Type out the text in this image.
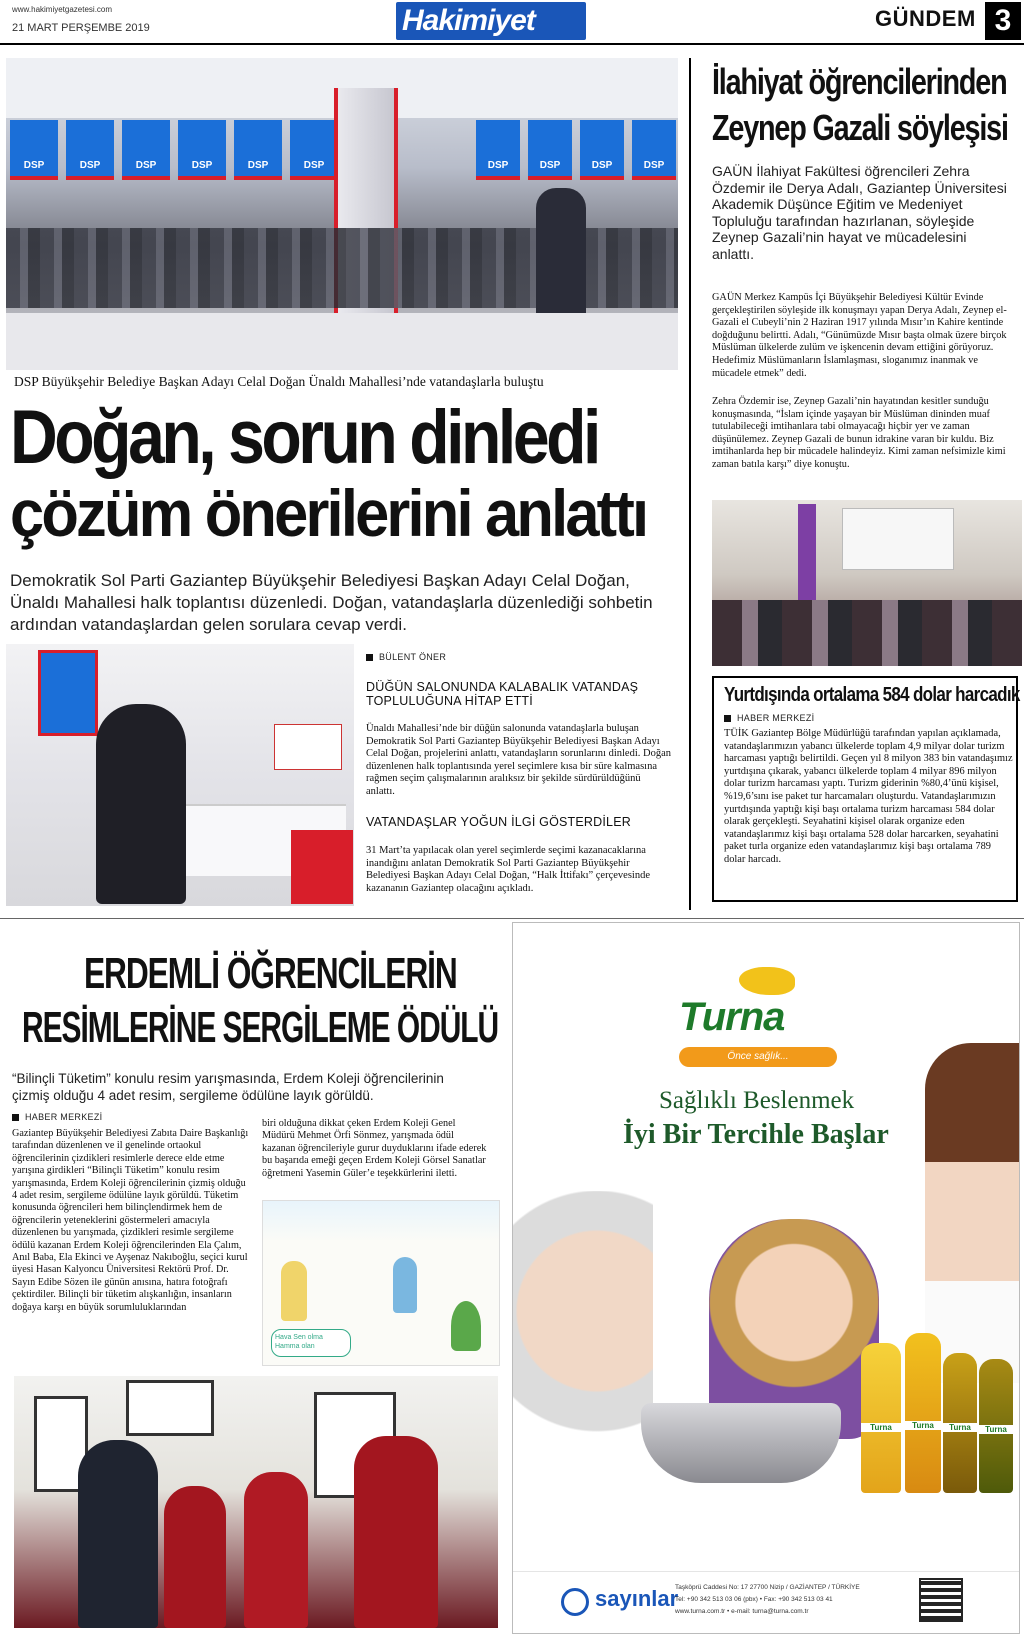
www.hakimiyetgazetesi.com
21 MART PERŞEMBE 2019	Hakimiyet	GÜNDEM 3
DSP	DSP	DSP	DSP	DSP	DSP	DSP	DSP	DSP	DSP
DSP Büyükşehir Belediye Başkan Adayı Celal Doğan Ünaldı Mahallesi’nde vatandaşlarla buluştu
Doğan, sorun dinledi
çözüm önerilerini anlattı
Demokratik Sol Parti Gaziantep Büyükşehir Belediyesi Başkan Adayı Celal Doğan, Ünaldı Mahallesi halk toplantısı düzenledi. Doğan, vatandaşlarla düzenlediği sohbetin ardından vatandaşlardan gelen sorulara cevap verdi.
BÜLENT ÖNER
DÜĞÜN SALONUNDA KALABALIK VATANDAŞ TOPLULUĞUNA HİTAP ETTİ
Ünaldı Mahallesi’nde bir düğün salonunda vatandaşlarla buluşan Demokratik Sol Parti Gaziantep Büyükşehir Belediyesi Başkan Adayı Celal Doğan, projelerini anlattı, vatandaşların sorunlarını dinledi. Doğan düzenlenen halk toplantısında yerel seçimlere kısa bir süre kalmasına rağmen seçim çalışmalarının aralıksız bir şekilde sürdürüldüğünü anlattı.
VATANDAŞLAR YOĞUN İLGİ GÖSTERDİLER
31 Mart’ta yapılacak olan yerel seçimlerde seçimi kazanacaklarına inandığını anlatan Demokratik Sol Parti Gaziantep Büyükşehir Belediyesi Başkan Adayı Celal Doğan, “Halk İttifakı” çerçevesinde kazananın Gaziantep olacağını açıkladı.
İlahiyat öğrencilerinden
Zeynep Gazali söyleşisi
GAÜN İlahiyat Fakültesi öğrencileri Zehra Özdemir ile Derya Adalı, Gaziantep Üniversitesi Akademik Düşünce Eğitim ve Medeniyet Topluluğu tarafından hazırlanan, söyleşide Zeynep Gazali’nin hayat ve mücadelesini anlattı.
GAÜN Merkez Kampüs İçi Büyükşehir Belediyesi Kültür Evinde gerçekleştirilen söyleşide ilk konuşmayı yapan Derya Adalı, Zeynep el-Gazali el Cubeyli’nin 2 Haziran 1917 yılında Mısır’ın Kahire kentinde doğduğunu belirtti. Adalı, “Günümüzde Mısır başta olmak üzere birçok Müslüman ülkelerde zulüm ve işkencenin devam ettiğini görüyoruz. Hedefimiz Müslümanların İslamlaşması, sloganımız inanmak ve mücadele etmek” dedi.
Zehra Özdemir ise, Zeynep Gazali’nin hayatından kesitler sunduğu konuşmasında, “İslam içinde yaşayan bir Müslüman dininden muaf tutulabileceği imtihanlara tabi olmayacağı hiçbir yer ve zaman düşünülemez. Zeynep Gazali de bunun idrakine varan bir kuldu. Biz imtihanlarda hep bir mücadele halindeyiz. Kimi zaman nefsimizle kimi zaman batıla karşı” diye konuştu.
Yurtdışında ortalama 584 dolar harcadık
HABER MERKEZİ
TÜİK Gaziantep Bölge Müdürlüğü tarafından yapılan açıklamada, vatandaşlarımızın yabancı ülkelerde toplam 4,9 milyar dolar turizm harcaması yaptığı belirtildi. Geçen yıl 8 milyon 383 bin vatandaşımız yurtdışına çıkarak, yabancı ülkelerde toplam 4 milyar 896 milyon dolar turizm harcaması yaptı. Turizm giderinin %80,4’ünü kişisel, %19,6’sını ise paket tur harcamaları oluşturdu. Vatandaşlarımızın yurtdışında yaptığı kişi başı ortalama turizm harcaması 584 dolar olarak gerçekleşti. Seyahatini kişisel olarak organize eden vatandaşlarımız kişi başı ortalama 528 dolar harcarken, seyahatini paket turla organize eden vatandaşlarımız kişi başı ortalama 789 dolar harcadı.
ERDEMLİ ÖĞRENCİLERİN
RESİMLERİNE SERGİLEME ÖDÜLÜ
“Bilinçli Tüketim” konulu resim yarışmasında, Erdem Koleji öğrencilerinin çizmiş olduğu 4 adet resim, sergileme ödülüne layık görüldü.
HABER MERKEZİ
Gaziantep Büyükşehir Belediyesi Zabıta Daire Başkanlığı tarafından düzenlenen ve il genelinde ortaokul öğrencilerinin çizdikleri resimlerle derece elde etme yarışına girdikleri “Bilinçli Tüketim” konulu resim yarışmasında, Erdem Koleji öğrencilerinin çizmiş olduğu 4 adet resim, sergileme ödülüne layık görüldü. Tüketim konusunda öğrencileri hem bilinçlendirmek hem de öğrencilerin yeteneklerini göstermeleri amacıyla düzenlenen bu yarışmada, çizdikleri resimle sergileme ödülü kazanan Erdem Koleji öğrencilerinden Ela Çalım, Anıl Baba, Ela Ekinci ve Ayşenaz Nakıboğlu, seçici kurul üyesi Hasan Kalyoncu Üniversitesi Rektörü Prof. Dr. Sayın Edibe Sözen ile günün anısına, hatıra fotoğrafı çektirdiler. Bilinçli bir tüketim alışkanlığın, insanların doğaya karşı en büyük sorumluluklarından
biri olduğuna dikkat çeken Erdem Koleji Genel Müdürü Mehmet Örfi Sönmez, yarışmada ödül kazanan öğrencileriyle gurur duyduklarını ifade ederek bu başarıda emeği geçen Erdem Koleji Görsel Sanatlar öğretmeni Yasemin Güler’e teşekkürlerini iletti.
Hava Sen olma Hamma olan
Turna
Önce sağlık...
Sağlıklı Beslenmek
İyi Bir Tercihle Başlar
Turna	Turna	Turna	Turna
sayınlar
Taşköprü Caddesi No: 17 27700 Nizip / GAZİANTEP / TÜRKİYE
Tel: +90 342 513 03 06 (pbx) • Fax: +90 342 513 03 41
www.turna.com.tr • e-mail: turna@turna.com.tr
